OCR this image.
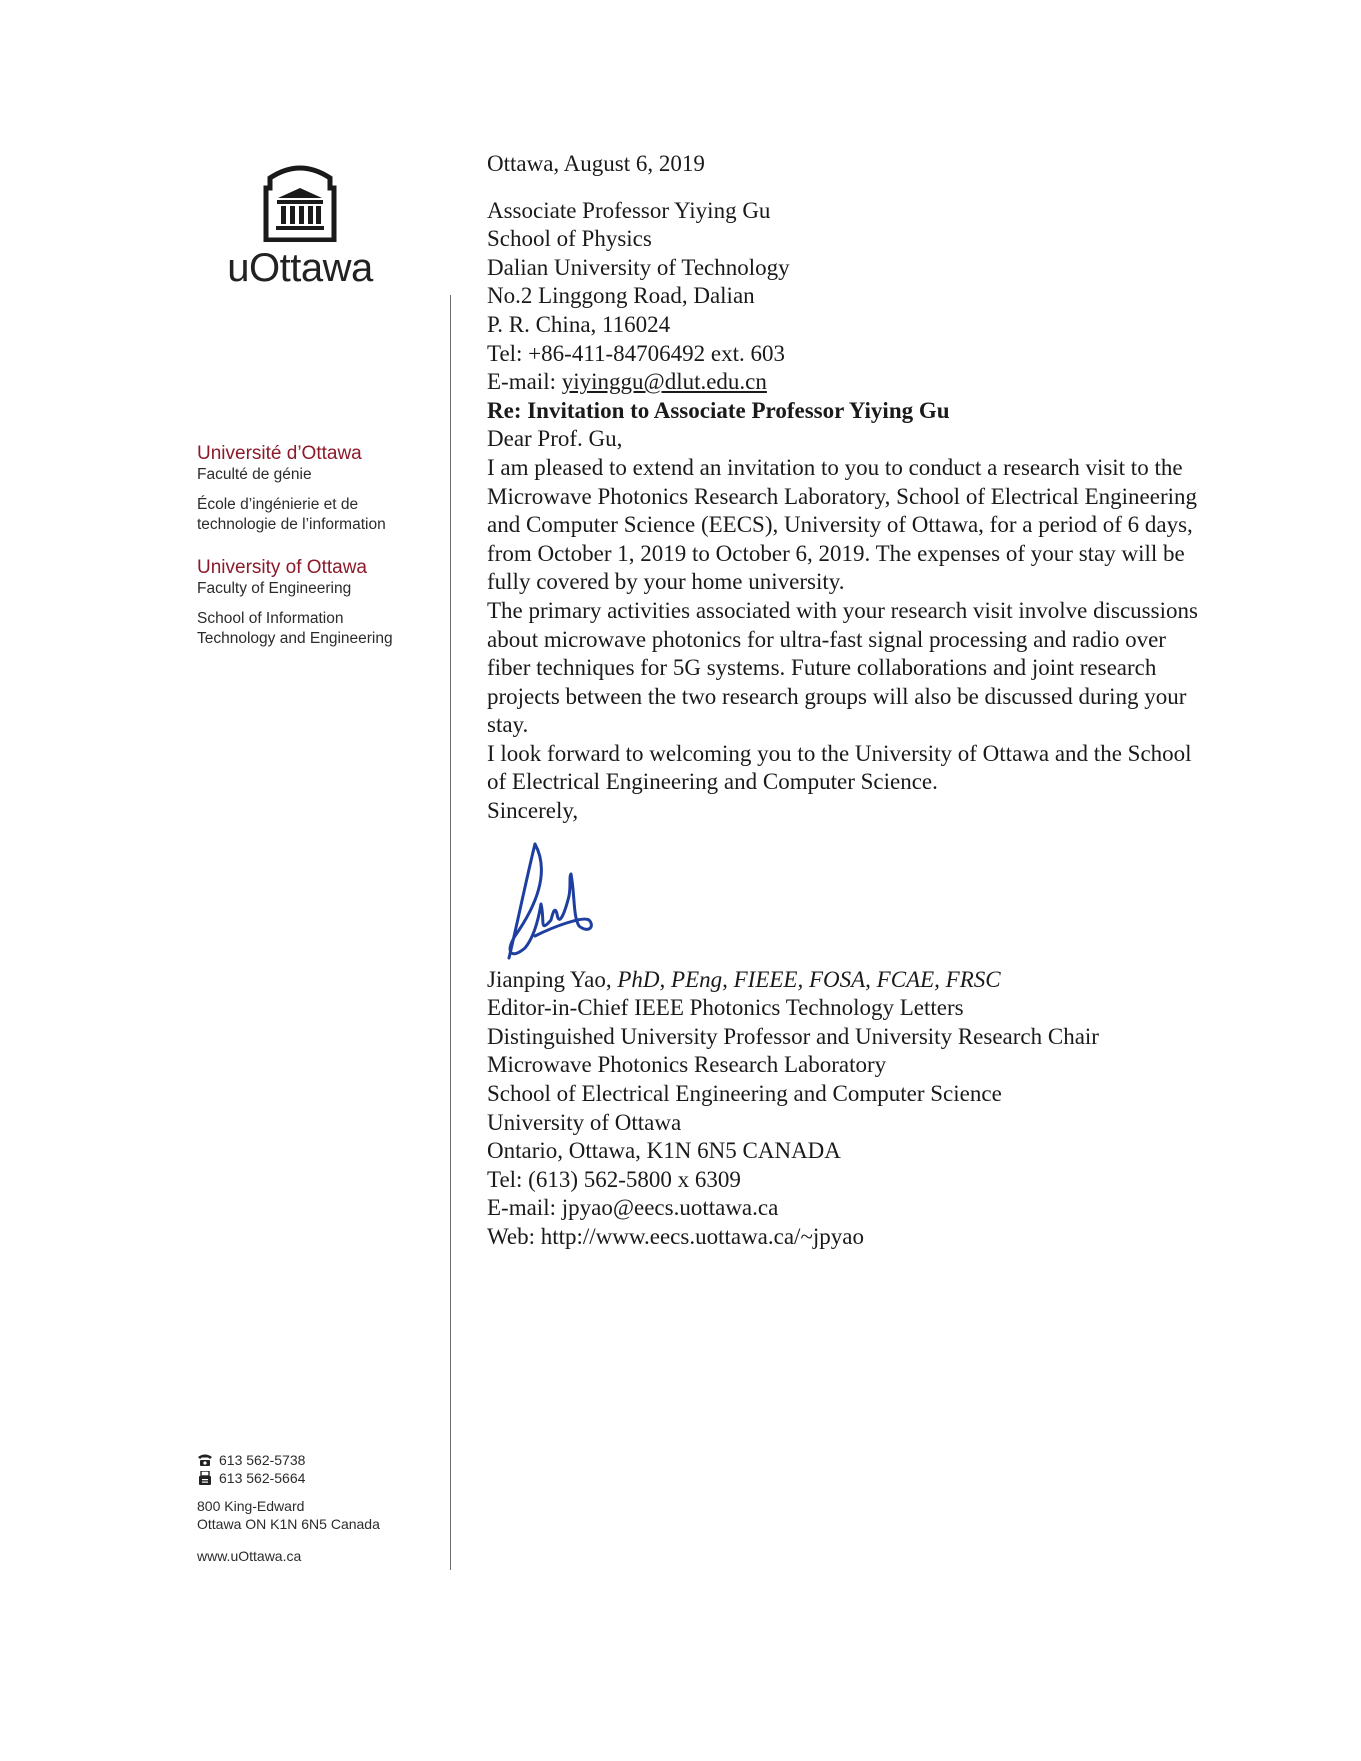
uOttawa
Université d’Ottawa
Faculté de génie
École d’ingénierie et de
technologie de l’information
University of Ottawa
Faculty of Engineering
School of Information
Technology and Engineering
613 562-5738
613 562-5664
800 King-Edward
Ottawa ON K1N 6N5 Canada
www.uOttawa.ca

Ottawa, August 6, 2019

Associate Professor Yiying Gu

School of Physics

Dalian University of Technology

No.2 Linggong Road, Dalian

P. R. China, 116024

Tel: +86-411-84706492 ext. 603

E-mail: yiyinggu@dlut.edu.cn

Re: Invitation to Associate Professor Yiying Gu

Dear Prof. Gu,

I am pleased to extend an invitation to you to conduct a research visit to the Microwave Photonics Research Laboratory, School of Electrical Engineering and Computer Science (EECS), University of Ottawa, for a period of 6 days, from October 1, 2019 to October 6, 2019. The expenses of your stay will be fully covered by your home university.

The primary activities associated with your research visit involve discussions about microwave photonics for ultra-fast signal processing and radio over fiber techniques for 5G systems. Future collaborations and joint research projects between the two research groups will also be discussed during your stay.

I look forward to welcoming you to the University of Ottawa and the School of Electrical Engineering and Computer Science.

Sincerely,

Jianping Yao, PhD, PEng, FIEEE, FOSA, FCAE, FRSC

Editor-in-Chief IEEE Photonics Technology Letters

Distinguished University Professor and University Research Chair

Microwave Photonics Research Laboratory

School of Electrical Engineering and Computer Science

University of Ottawa

Ontario, Ottawa, K1N 6N5 CANADA

Tel: (613) 562-5800 x 6309

E-mail: jpyao@eecs.uottawa.ca

Web: http://www.eecs.uottawa.ca/~jpyao
